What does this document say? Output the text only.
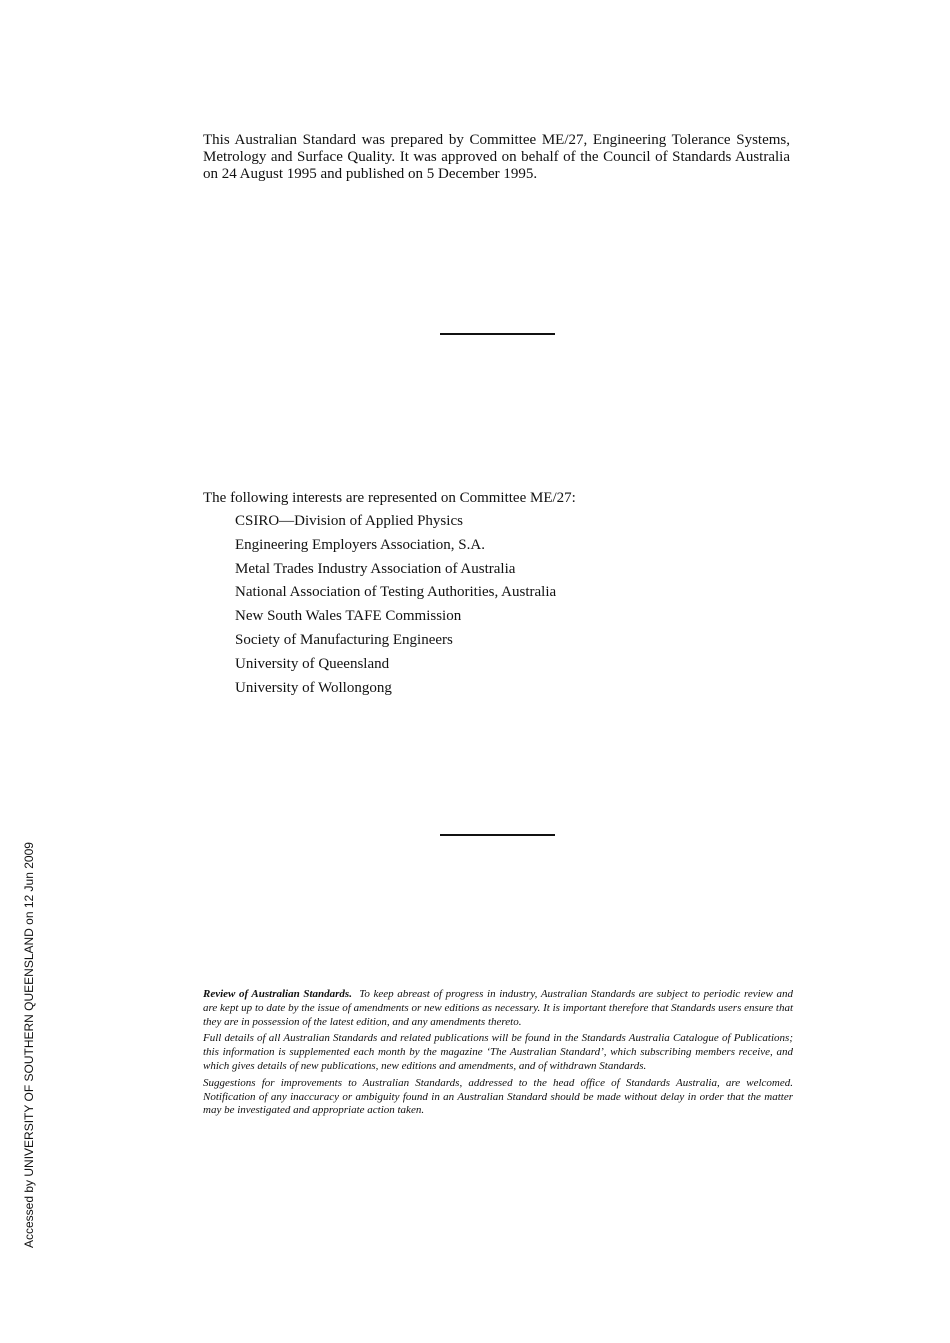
This Australian Standard was prepared by Committee ME/27, Engineering Tolerance Systems, Metrology and Surface Quality. It was approved on behalf of the Council of Standards Australia on 24 August 1995 and published on 5 December 1995.

The following interests are represented on Committee ME/27:

CSIRO—Division of Applied Physics
Engineering Employers Association, S.A.
Metal Trades Industry Association of Australia
National Association of Testing Authorities, Australia
New South Wales TAFE Commission
Society of Manufacturing Engineers
University of Queensland
University of Wollongong

Review of Australian Standards. To keep abreast of progress in industry, Australian Standards are subject to periodic review and are kept up to date by the issue of amendments or new editions as necessary. It is important therefore that Standards users ensure that they are in possession of the latest edition, and any amendments thereto.

Full details of all Australian Standards and related publications will be found in the Standards Australia Catalogue of Publications; this information is supplemented each month by the magazine ‘The Australian Standard’, which subscribing members receive, and which gives details of new publications, new editions and amendments, and of withdrawn Standards.

Suggestions for improvements to Australian Standards, addressed to the head office of Standards Australia, are welcomed. Notification of any inaccuracy or ambiguity found in an Australian Standard should be made without delay in order that the matter may be investigated and appropriate action taken.

Accessed by UNIVERSITY OF SOUTHERN QUEENSLAND on 12 Jun 2009
